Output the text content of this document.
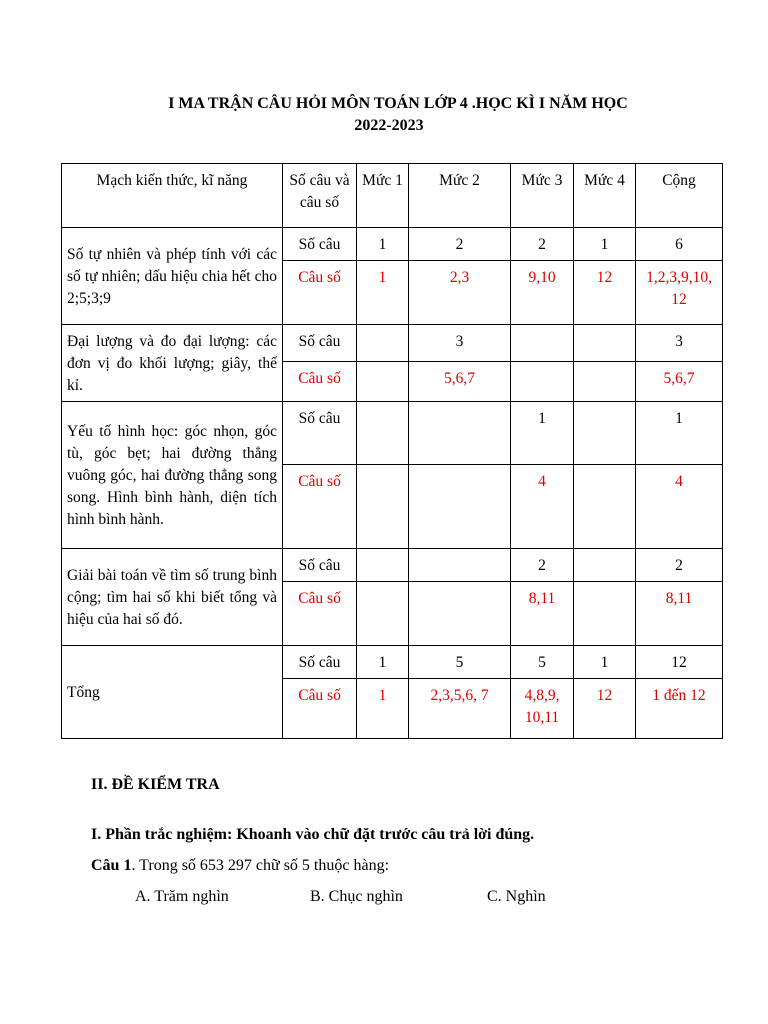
I MA TRẬN CÂU HỎI MÔN TOÁN LỚP 4 .HỌC KÌ I NĂM HỌC
2022-2023
Mạch kiến thức, kĩ năng	Số câu và câu số	Mức 1	Mức 2	Mức 3	Mức 4	Cộng
Số tự nhiên và phép tính với các số tự nhiên; dấu hiệu chia hết cho 2;5;3;9	Số câu	1	2	2	1	6
	Câu số	1	2,3	9,10	12	1,2,3,9,10, 12
Đại lượng và đo đại lượng: các đơn vị đo khối lượng; giây, thế kỉ.	Số câu		3			3
	Câu số		5,6,7			5,6,7
Yếu tố hình học: góc nhọn, góc tù, góc bẹt; hai đường thẳng vuông góc, hai đường thẳng song song. Hình bình hành, diện tích hình bình hành.	Số câu			1		1
	Câu số			4		4
Giải bài toán về tìm số trung bình cộng; tìm hai số khi biết tổng và hiệu của hai số đó.	Số câu			2		2
	Câu số			8,11		8,11
Tổng	Số câu	1	5	5	1	12
	Câu số	1	2,3,5,6, 7	4,8,9, 10,11	12	1 đến 12
II. ĐỀ KIỂM TRA
I. Phần trắc nghiệm: Khoanh vào chữ đặt trước câu trả lời đúng.
Câu 1. Trong số 653 297 chữ số 5 thuộc hàng:
A. Trăm nghìn	B. Chục nghìn	C. Nghìn
